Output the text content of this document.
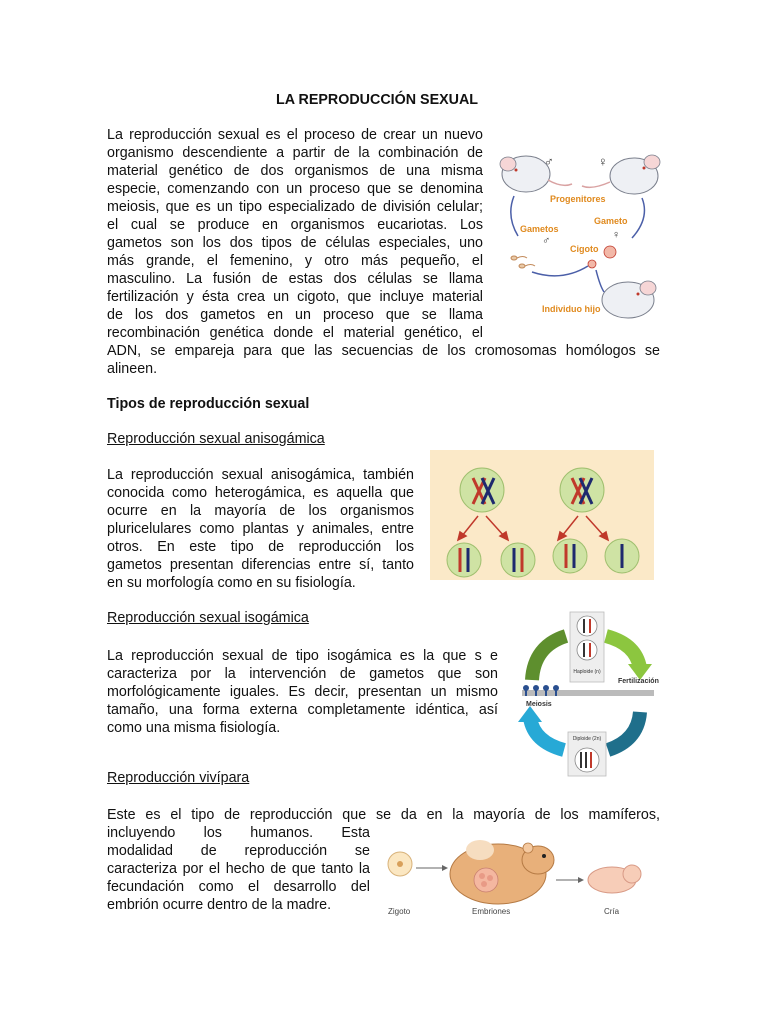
LA REPRODUCCIÓN SEXUAL
La reproducción sexual es el proceso de crear un nuevo
organismo descendiente a partir de la combinación de
material genético de dos organismos de una misma
especie, comenzando con un proceso que se denomina
meiosis, que es un tipo especializado de división celular;
el cual se produce en organismos eucariotas. Los
gametos son los dos tipos de células especiales, uno
más grande, el femenino, y otro más pequeño, el
masculino. La fusión de estas dos células se llama
fertilización y ésta crea un cigoto, que incluye material
de los dos gametos en un proceso que se llama
recombinación genética donde el material genético, el
ADN, se empareja para que las secuencias de los cromosomas homólogos se
alineen.
♂	♀
Progenitores
Gametos
♂
Gameto
♀
Cigoto
Individuo hijo
Tipos de reproducción sexual
Reproducción sexual anisogámica
La reproducción sexual anisogámica, también
conocida como heterogámica, es aquella que
ocurre en la mayoría de los organismos
pluricelulares como plantas y animales, entre
otros. En este tipo de reproducción los
gametos presentan diferencias entre sí, tanto
en su morfología como en su fisiología.
Reproducción sexual isogámica
La reproducción sexual de tipo isogámica es la que s e
caracteriza por la intervención de gametos que son
morfológicamente iguales. Es decir, presentan un mismo
tamaño, una forma externa completamente idéntica, así
como una misma fisiología.
Haploide (n)
Fertilización
Meiosis
Diploide (2n)
Reproducción vivípara
Este es el tipo de reproducción que se da en la mayoría de los mamíferos,
incluyendo los humanos. Esta
modalidad de reproducción se
caracteriza por el hecho de que tanto la
fecundación como el desarrollo del
embrión ocurre dentro de la madre.	Zigoto	Embriones	Cría
